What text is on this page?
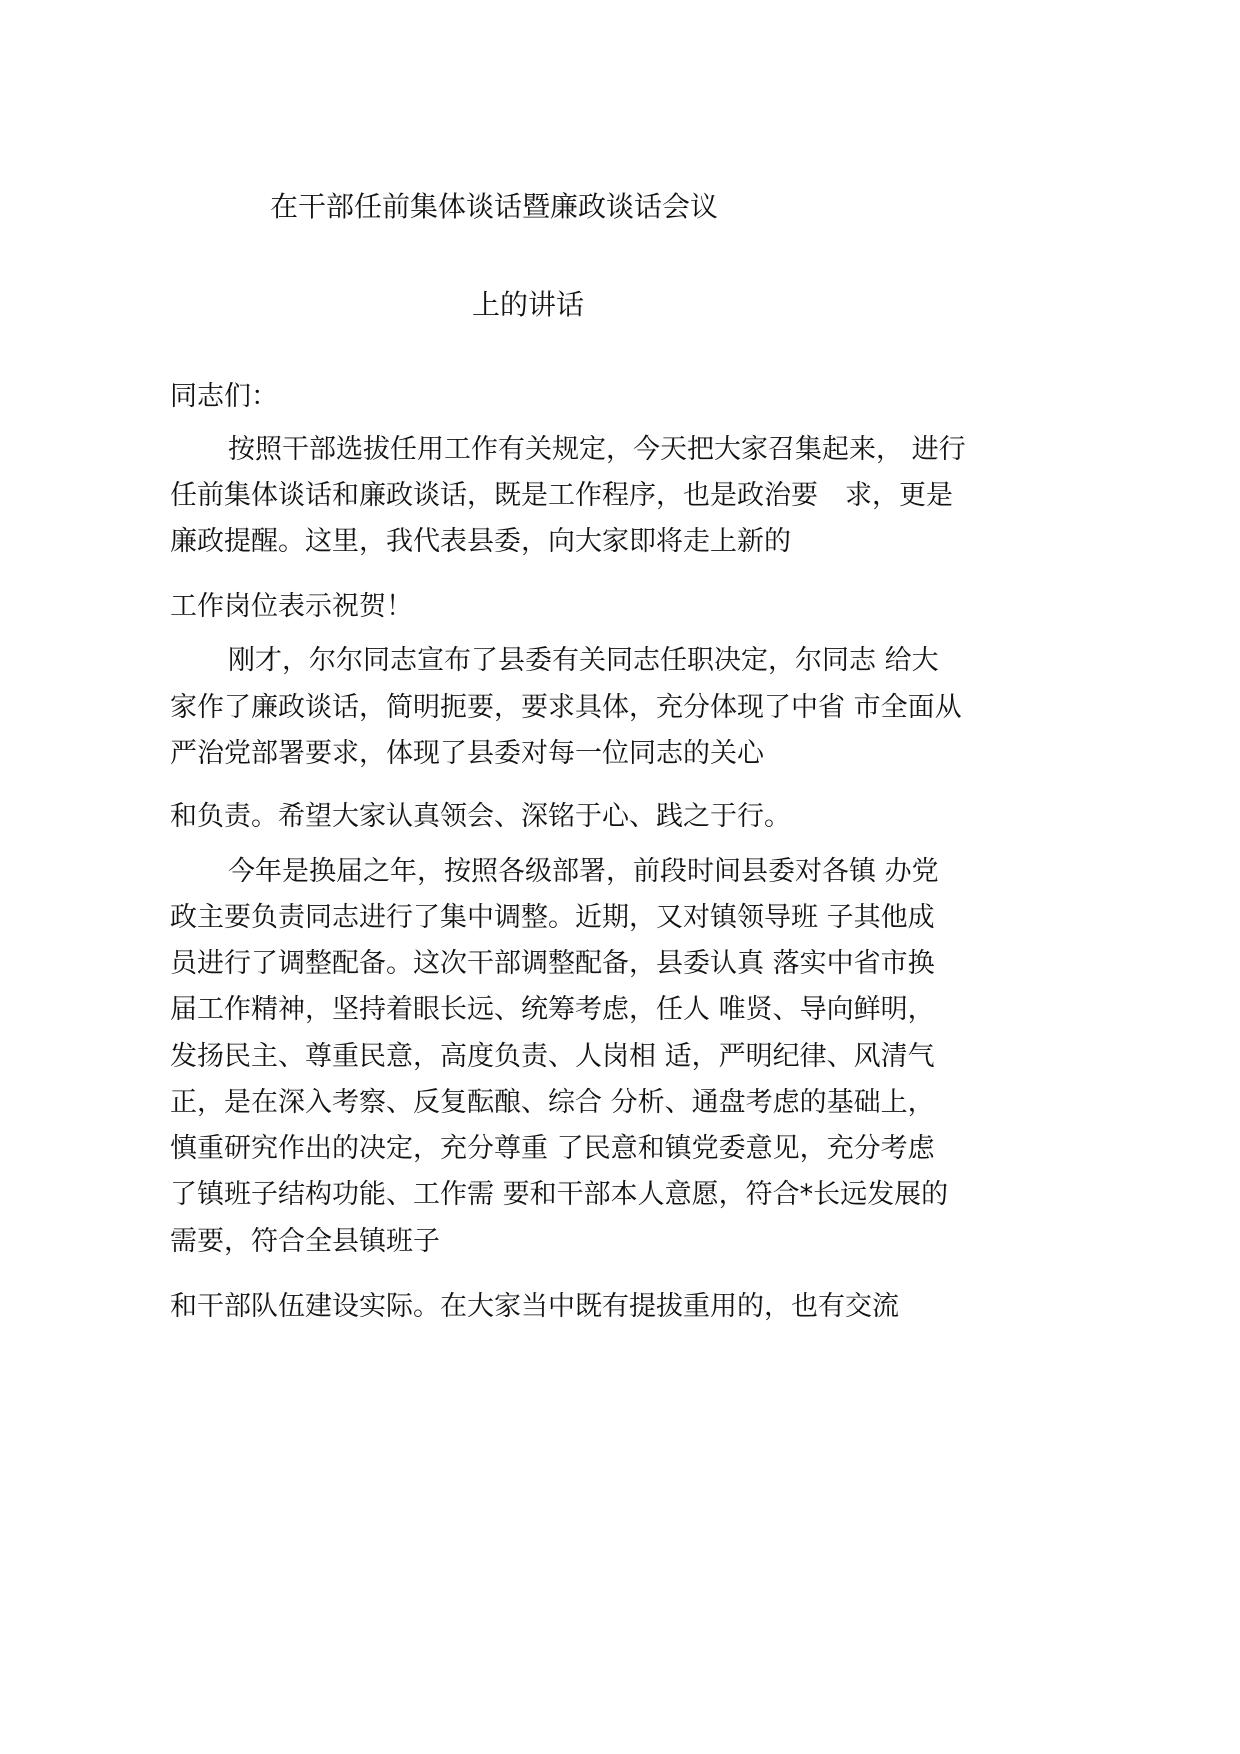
在干部任前集体谈话暨廉政谈话会议

上的讲话

同志们：

按照干部选拔任用工作有关规定，今天把大家召集起来， 进行

任前集体谈话和廉政谈话，既是工作程序，也是政治要　求，更是

廉政提醒。这里，我代表县委，向大家即将走上新的

工作岗位表示祝贺！

刚才，尔尔同志宣布了县委有关同志任职决定，尔同志 给大

家作了廉政谈话，简明扼要，要求具体，充分体现了中省 市全面从

严治党部署要求，体现了县委对每一位同志的关心

和负责。希望大家认真领会、深铭于心、践之于行。

今年是换届之年，按照各级部署，前段时间县委对各镇 办党

政主要负责同志进行了集中调整。近期，又对镇领导班 子其他成

员进行了调整配备。这次干部调整配备，县委认真 落实中省市换

届工作精神，坚持着眼长远、统筹考虑，任人 唯贤、导向鲜明，

发扬民主、尊重民意，高度负责、人岗相 适，严明纪律、风清气

正，是在深入考察、反复酝酿、综合 分析、通盘考虑的基础上，

慎重研究作出的决定，充分尊重 了民意和镇党委意见，充分考虑

了镇班子结构功能、工作需 要和干部本人意愿，符合*长远发展的

需要，符合全县镇班子

和干部队伍建设实际。在大家当中既有提拔重用的，也有交流
